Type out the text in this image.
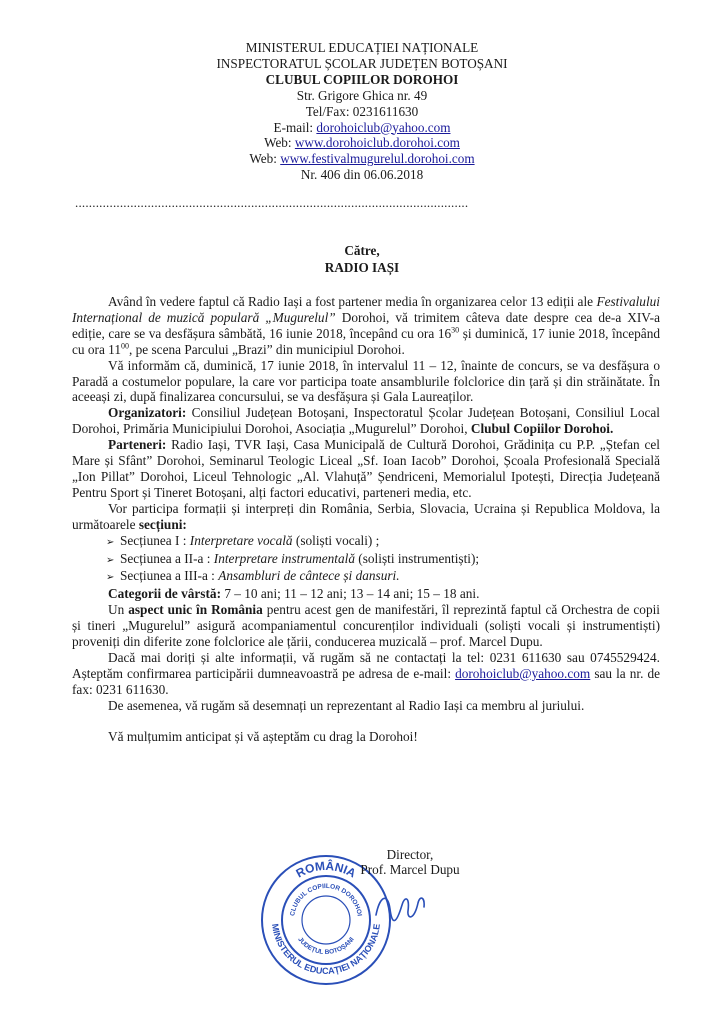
MINISTERUL EDUCAȚIEI NAȚIONALE
INSPECTORATUL ȘCOLAR JUDEȚEN BOTOȘANI
CLUBUL COPIILOR DOROHOI
Str. Grigore Ghica nr. 49
Tel/Fax: 0231611630
E-mail: dorohoiclub@yahoo.com
Web: www.dorohoiclub.dorohoi.com
Web: www.festivalmugurelul.dorohoi.com
Nr. 406 din 06.06.2018
..................................................................................................................
Către,
RADIO IAȘI

Având în vedere faptul că Radio Iași a fost partener media în organizarea celor 13 ediții ale Festivalului Internațional de muzică populară „Mugurelul” Dorohoi, vă trimitem câteva date despre cea de-a XIV-a ediție, care se va desfășura sâmbătă, 16 iunie 2018, începând cu ora $16^{30}$ și duminică, 17 iunie 2018, începând cu ora $11^{00}$, pe scena Parcului „Brazi” din municipiul Dorohoi.

Vă informăm că, duminică, 17 iunie 2018, în intervalul 11 – 12, înainte de concurs, se va desfășura o Paradă a costumelor populare, la care vor participa toate ansamblurile folclorice din țară și din străinătate. În aceeași zi, după finalizarea concursului, se va desfășura și Gala Laureaților.

Organizatori: Consiliul Județean Botoșani, Inspectoratul Școlar Județean Botoșani, Consiliul Local Dorohoi, Primăria Municipiului Dorohoi, Asociația „Mugurelul” Dorohoi, Clubul Copiilor Dorohoi.

Parteneri: Radio Iași, TVR Iași, Casa Municipală de Cultură Dorohoi, Grădinița cu P.P. „Ștefan cel Mare și Sfânt” Dorohoi, Seminarul Teologic Liceal „Sf. Ioan Iacob” Dorohoi, Școala Profesională Specială „Ion Pillat” Dorohoi, Liceul Tehnologic „Al. Vlahuță” Șendriceni, Memorialul Ipotești, Direcția Județeană Pentru Sport și Tineret Botoșani, alți factori educativi, parteneri media, etc.

Vor participa formații și interpreți din România, Serbia, Slovacia, Ucraina și Republica Moldova, la următoarele secțiuni:

➢ Secțiunea I : Interpretare vocală (soliști vocali) ;
➢ Secțiunea a II-a : Interpretare instrumentală (soliști instrumentiști);
➢ Secțiunea a III-a : Ansambluri de cântece și dansuri.

Categorii de vârstă: 7 – 10 ani; 11 – 12 ani; 13 – 14 ani; 15 – 18 ani.

Un aspect unic în România pentru acest gen de manifestări, îl reprezintă faptul că Orchestra de copii și tineri „Mugurelul” asigură acompaniamentul concurenților individuali (soliști vocali și instrumentiști) proveniți din diferite zone folclorice ale țării, conducerea muzicală – prof. Marcel Dupu.

Dacă mai doriți și alte informații, vă rugăm să ne contactați la tel: 0231 611630 sau 0745529424. Așteptăm confirmarea participării dumneavoastră pe adresa de e-mail: dorohoiclub@yahoo.com sau la nr. de fax: 0231 611630.

De asemenea, vă rugăm să desemnați un reprezentant al Radio Iași ca membru al juriului.

Vă mulțumim anticipat și vă așteptăm cu drag la Dorohoi!

ROMÂNIA
MINISTERUL EDUCAȚIEI NAȚIONALE
CLUBUL COPIILOR DOROHOI
JUDEȚUL BOTOȘANI
Director,
Prof. Marcel Dupu
